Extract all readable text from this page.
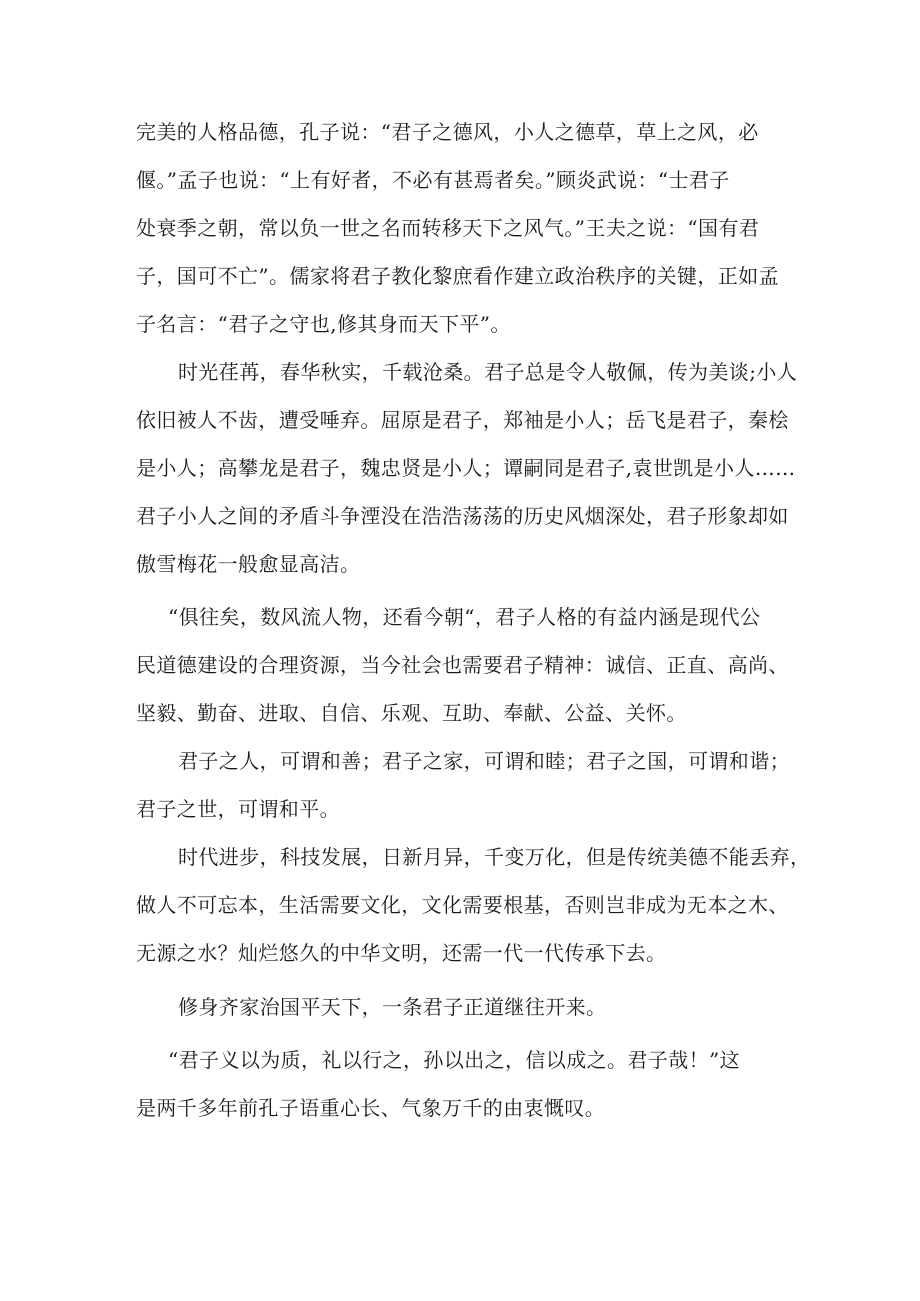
完美的人格品德，孔子说：“君子之德风，小人之德草，草上之风，必

偃。”孟子也说：“上有好者，不必有甚焉者矣。”顾炎武说：“士君子

处衰季之朝，常以负一世之名而转移天下之风气。”王夫之说：“国有君

子，国可不亡”。儒家将君子教化黎庶看作建立政治秩序的关键，正如孟

子名言：“君子之守也,修其身而天下平”。

时光荏苒，春华秋实，千载沧桑。君子总是令人敬佩，传为美谈;小人

依旧被人不齿，遭受唾弃。屈原是君子，郑袖是小人；岳飞是君子，秦桧

是小人；高攀龙是君子，魏忠贤是小人；谭嗣同是君子,袁世凯是小人……

君子小人之间的矛盾斗争湮没在浩浩荡荡的历史风烟深处，君子形象却如

傲雪梅花一般愈显高洁。

“俱往矣，数风流人物，还看今朝“，君子人格的有益内涵是现代公

民道德建设的合理资源，当今社会也需要君子精神：诚信、正直、高尚、

坚毅、勤奋、进取、自信、乐观、互助、奉献、公益、关怀。

君子之人，可谓和善；君子之家，可谓和睦；君子之国，可谓和谐；

君子之世，可谓和平。

时代进步，科技发展，日新月异，千变万化，但是传统美德不能丢弃，

做人不可忘本，生活需要文化，文化需要根基，否则岂非成为无本之木、

无源之水？灿烂悠久的中华文明，还需一代一代传承下去。

修身齐家治国平天下，一条君子正道继往开来。

“君子义以为质，礼以行之，孙以出之，信以成之。君子哉！”这

是两千多年前孔子语重心长、气象万千的由衷慨叹。
